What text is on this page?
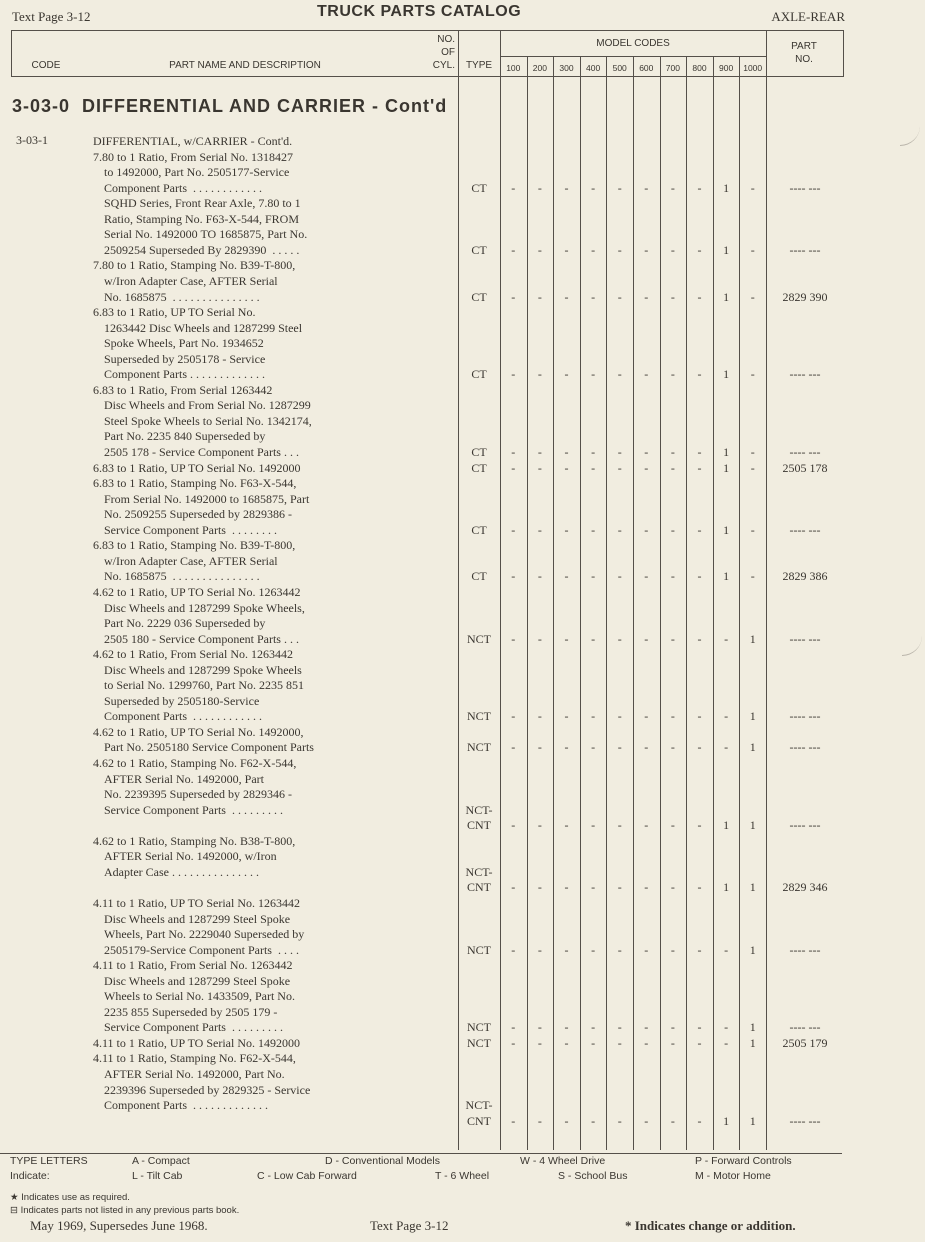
Text Page 3-12	TRUCK PARTS CATALOG	AXLE-REAR
CODE	PART NAME AND DESCRIPTION
NO.
OF
CYL.	TYPE
MODEL CODES
100	200	300	400	500	600	700	800	900	1000
PART
NO.
3-03-0  DIFFERENTIAL AND CARRIER - Cont'd
3-03-1	DIFFERENTIAL, w/CARRIER - Cont'd.
7.80 to 1 Ratio, From Serial No. 1318427
to 1492000, Part No. 2505177-Service
Component Parts  . . . . . . . . . . . .	CT	-	-	-	-	-	-	-	-	1	-	---- ---
SQHD Series, Front Rear Axle, 7.80 to 1
Ratio, Stamping No. F63-X-544, FROM
Serial No. 1492000 TO 1685875, Part No.
2509254 Superseded By 2829390  . . . . .	CT	-	-	-	-	-	-	-	-	1	-	---- ---
7.80 to 1 Ratio, Stamping No. B39-T-800,
w/Iron Adapter Case, AFTER Serial
No. 1685875  . . . . . . . . . . . . . . .	CT	-	-	-	-	-	-	-	-	1	-	2829 390
6.83 to 1 Ratio, UP TO Serial No.
1263442 Disc Wheels and 1287299 Steel
Spoke Wheels, Part No. 1934652
Superseded by 2505178 - Service
Component Parts . . . . . . . . . . . . .	CT	-	-	-	-	-	-	-	-	1	-	---- ---
6.83 to 1 Ratio, From Serial 1263442
Disc Wheels and From Serial No. 1287299
Steel Spoke Wheels to Serial No. 1342174,
Part No. 2235 840 Superseded by
2505 178 - Service Component Parts . . .	CT	-	-	-	-	-	-	-	-	1	-	---- ---
6.83 to 1 Ratio, UP TO Serial No. 1492000	CT	-	-	-	-	-	-	-	-	1	-	2505 178
6.83 to 1 Ratio, Stamping No. F63-X-544,
From Serial No. 1492000 to 1685875, Part
No. 2509255 Superseded by 2829386 -
Service Component Parts  . . . . . . . .	CT	-	-	-	-	-	-	-	-	1	-	---- ---
6.83 to 1 Ratio, Stamping No. B39-T-800,
w/Iron Adapter Case, AFTER Serial
No. 1685875  . . . . . . . . . . . . . . .	CT	-	-	-	-	-	-	-	-	1	-	2829 386
4.62 to 1 Ratio, UP TO Serial No. 1263442
Disc Wheels and 1287299 Spoke Wheels,
Part No. 2229 036 Superseded by
2505 180 - Service Component Parts . . .	NCT	-	-	-	-	-	-	-	-	-	1	---- ---
4.62 to 1 Ratio, From Serial No. 1263442
Disc Wheels and 1287299 Spoke Wheels
to Serial No. 1299760, Part No. 2235 851
Superseded by 2505180-Service
Component Parts  . . . . . . . . . . . .	NCT	-	-	-	-	-	-	-	-	-	1	---- ---
4.62 to 1 Ratio, UP TO Serial No. 1492000,
Part No. 2505180 Service Component Parts	NCT	-	-	-	-	-	-	-	-	-	1	---- ---
4.62 to 1 Ratio, Stamping No. F62-X-544,
AFTER Serial No. 1492000, Part
No. 2239395 Superseded by 2829346 -
Service Component Parts  . . . . . . . . .	NCT-
CNT	-	-	-	-	-	-	-	-	1	1	---- ---
4.62 to 1 Ratio, Stamping No. B38-T-800,
AFTER Serial No. 1492000, w/Iron
Adapter Case . . . . . . . . . . . . . . .	NCT-
CNT	-	-	-	-	-	-	-	-	1	1	2829 346
4.11 to 1 Ratio, UP TO Serial No. 1263442
Disc Wheels and 1287299 Steel Spoke
Wheels, Part No. 2229040 Superseded by
2505179-Service Component Parts  . . . .	NCT	-	-	-	-	-	-	-	-	-	1	---- ---
4.11 to 1 Ratio, From Serial No. 1263442
Disc Wheels and 1287299 Steel Spoke
Wheels to Serial No. 1433509, Part No.
2235 855 Superseded by 2505 179 -
Service Component Parts  . . . . . . . . .	NCT	-	-	-	-	-	-	-	-	-	1	---- ---
4.11 to 1 Ratio, UP TO Serial No. 1492000	NCT	-	-	-	-	-	-	-	-	-	1	2505 179
4.11 to 1 Ratio, Stamping No. F62-X-544,
AFTER Serial No. 1492000, Part No.
2239396 Superseded by 2829325 - Service
Component Parts  . . . . . . . . . . . . .	NCT-
CNT	-	-	-	-	-	-	-	-	1	1	---- ---
TYPE LETTERS
Indicate:
A - Compact	D - Conventional Models	W - 4 Wheel Drive	P - Forward Controls
L - Tilt Cab	C - Low Cab Forward	T - 6 Wheel	S - School Bus	M - Motor Home
★ Indicates use as required.
⊟ Indicates parts not listed in any previous parts book.
May 1969, Supersedes June 1968.	Text Page 3-12	* Indicates change or addition.
